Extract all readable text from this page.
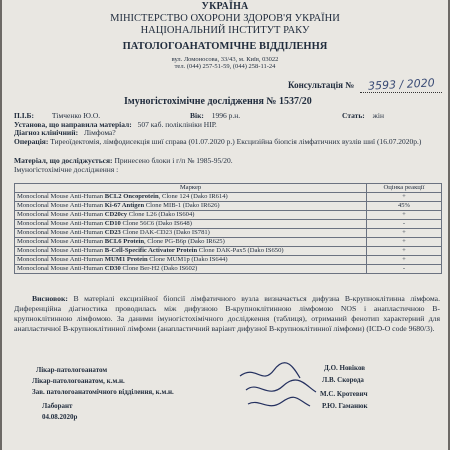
УКРАЇНА
МІНІСТЕРСТВО ОХОРОНИ ЗДОРОВ'Я УКРАЇНИ
НАЦІОНАЛЬНИЙ ІНСТИТУТ РАКУ
ПАТОЛОГОАНАТОМІЧНЕ ВІДДІЛЕННЯ
вул. Ломоносова, 33/43, м. Київ, 03022
тел. (044) 257-51-59, (044) 258-11-24
Консультація № 3593 / 2020
Імуногістохімічне дослідження № 1537/20
П.І.Б: Тімченко Ю.О.	Вік: 1996 р.н.	Стать: жін
Установа, що направила матеріал: 507 каб. поліклініки НІР.
Діагноз клінічний: Лімфома?
Операція: Тиреоїдектомія, лімфодисекція шиї справа (01.07.2020 р.) Ексцизійна біопсія лімфатичних вузлів шиї (16.07.2020р.)
Матеріал, що досліджується: Принесено блоки і г/п № 1985-95/20.
Імуногістохімічне дослідження :
Маркер	Оцінка реакції
Monoclonal Mouse Anti-Human BCL2 Oncoprotein, Clone 124 (Dako IR614)	+
Monoclonal Mouse Anti-Human Ki-67 Antigen Clone MIB-1 (Dako IR626)	45%
Monoclonal Mouse Anti-Human CD20cy Clone L26 (Dako IS604)	+
Monoclonal Mouse Anti-Human CD10 Clone 56C6 (Dako IS648)	-
Monoclonal Mouse Anti-Human CD23 Clone DAK-CD23 (Dako IS781)	+
Monoclonal Mouse Anti-Human BCL6 Protein, Clone PG-B6p (Dako IR625)	+
Monoclonal Mouse Anti-Human B-Cell-Specific Activator Protein Clone DAK-Pax5 (Dako IS650)	+
Monoclonal Mouse Anti-Human MUM1 Protein Clone MUM1p (Dako IS644)	+
Monoclonal Mouse Anti-Human CD30 Clone Ber-H2 (Dako IS602)	-
Висновок: В матеріалі ексцизійної біопсії лімфатичного вузла визначається дифузна В-крупноклітинна лімфома. Диференційна діагностика проводилась між дифузною В-крупноклітинною лімфомою NOS і анапластичною В-крупноклітинною лімфомою. За даними імуногістохімічного дослідження (таблиця), отриманий фенотип характерний для анапластичної В-крупноклітинної лімфоми (анапластичний варіант дифузної В-крупноклітинної лімфоми) (ICD-O code 9680/3).
Лікар-патологоанатом
Лікар-патологоанатом, к.м.н.
Зав. патологоанатомічного відділення, к.м.н.
Лаборант
04.08.2020р
Д.О. Новіков
Л.В. Скорода
М.С. Кротевич
Р.Ю. Гаманюк
